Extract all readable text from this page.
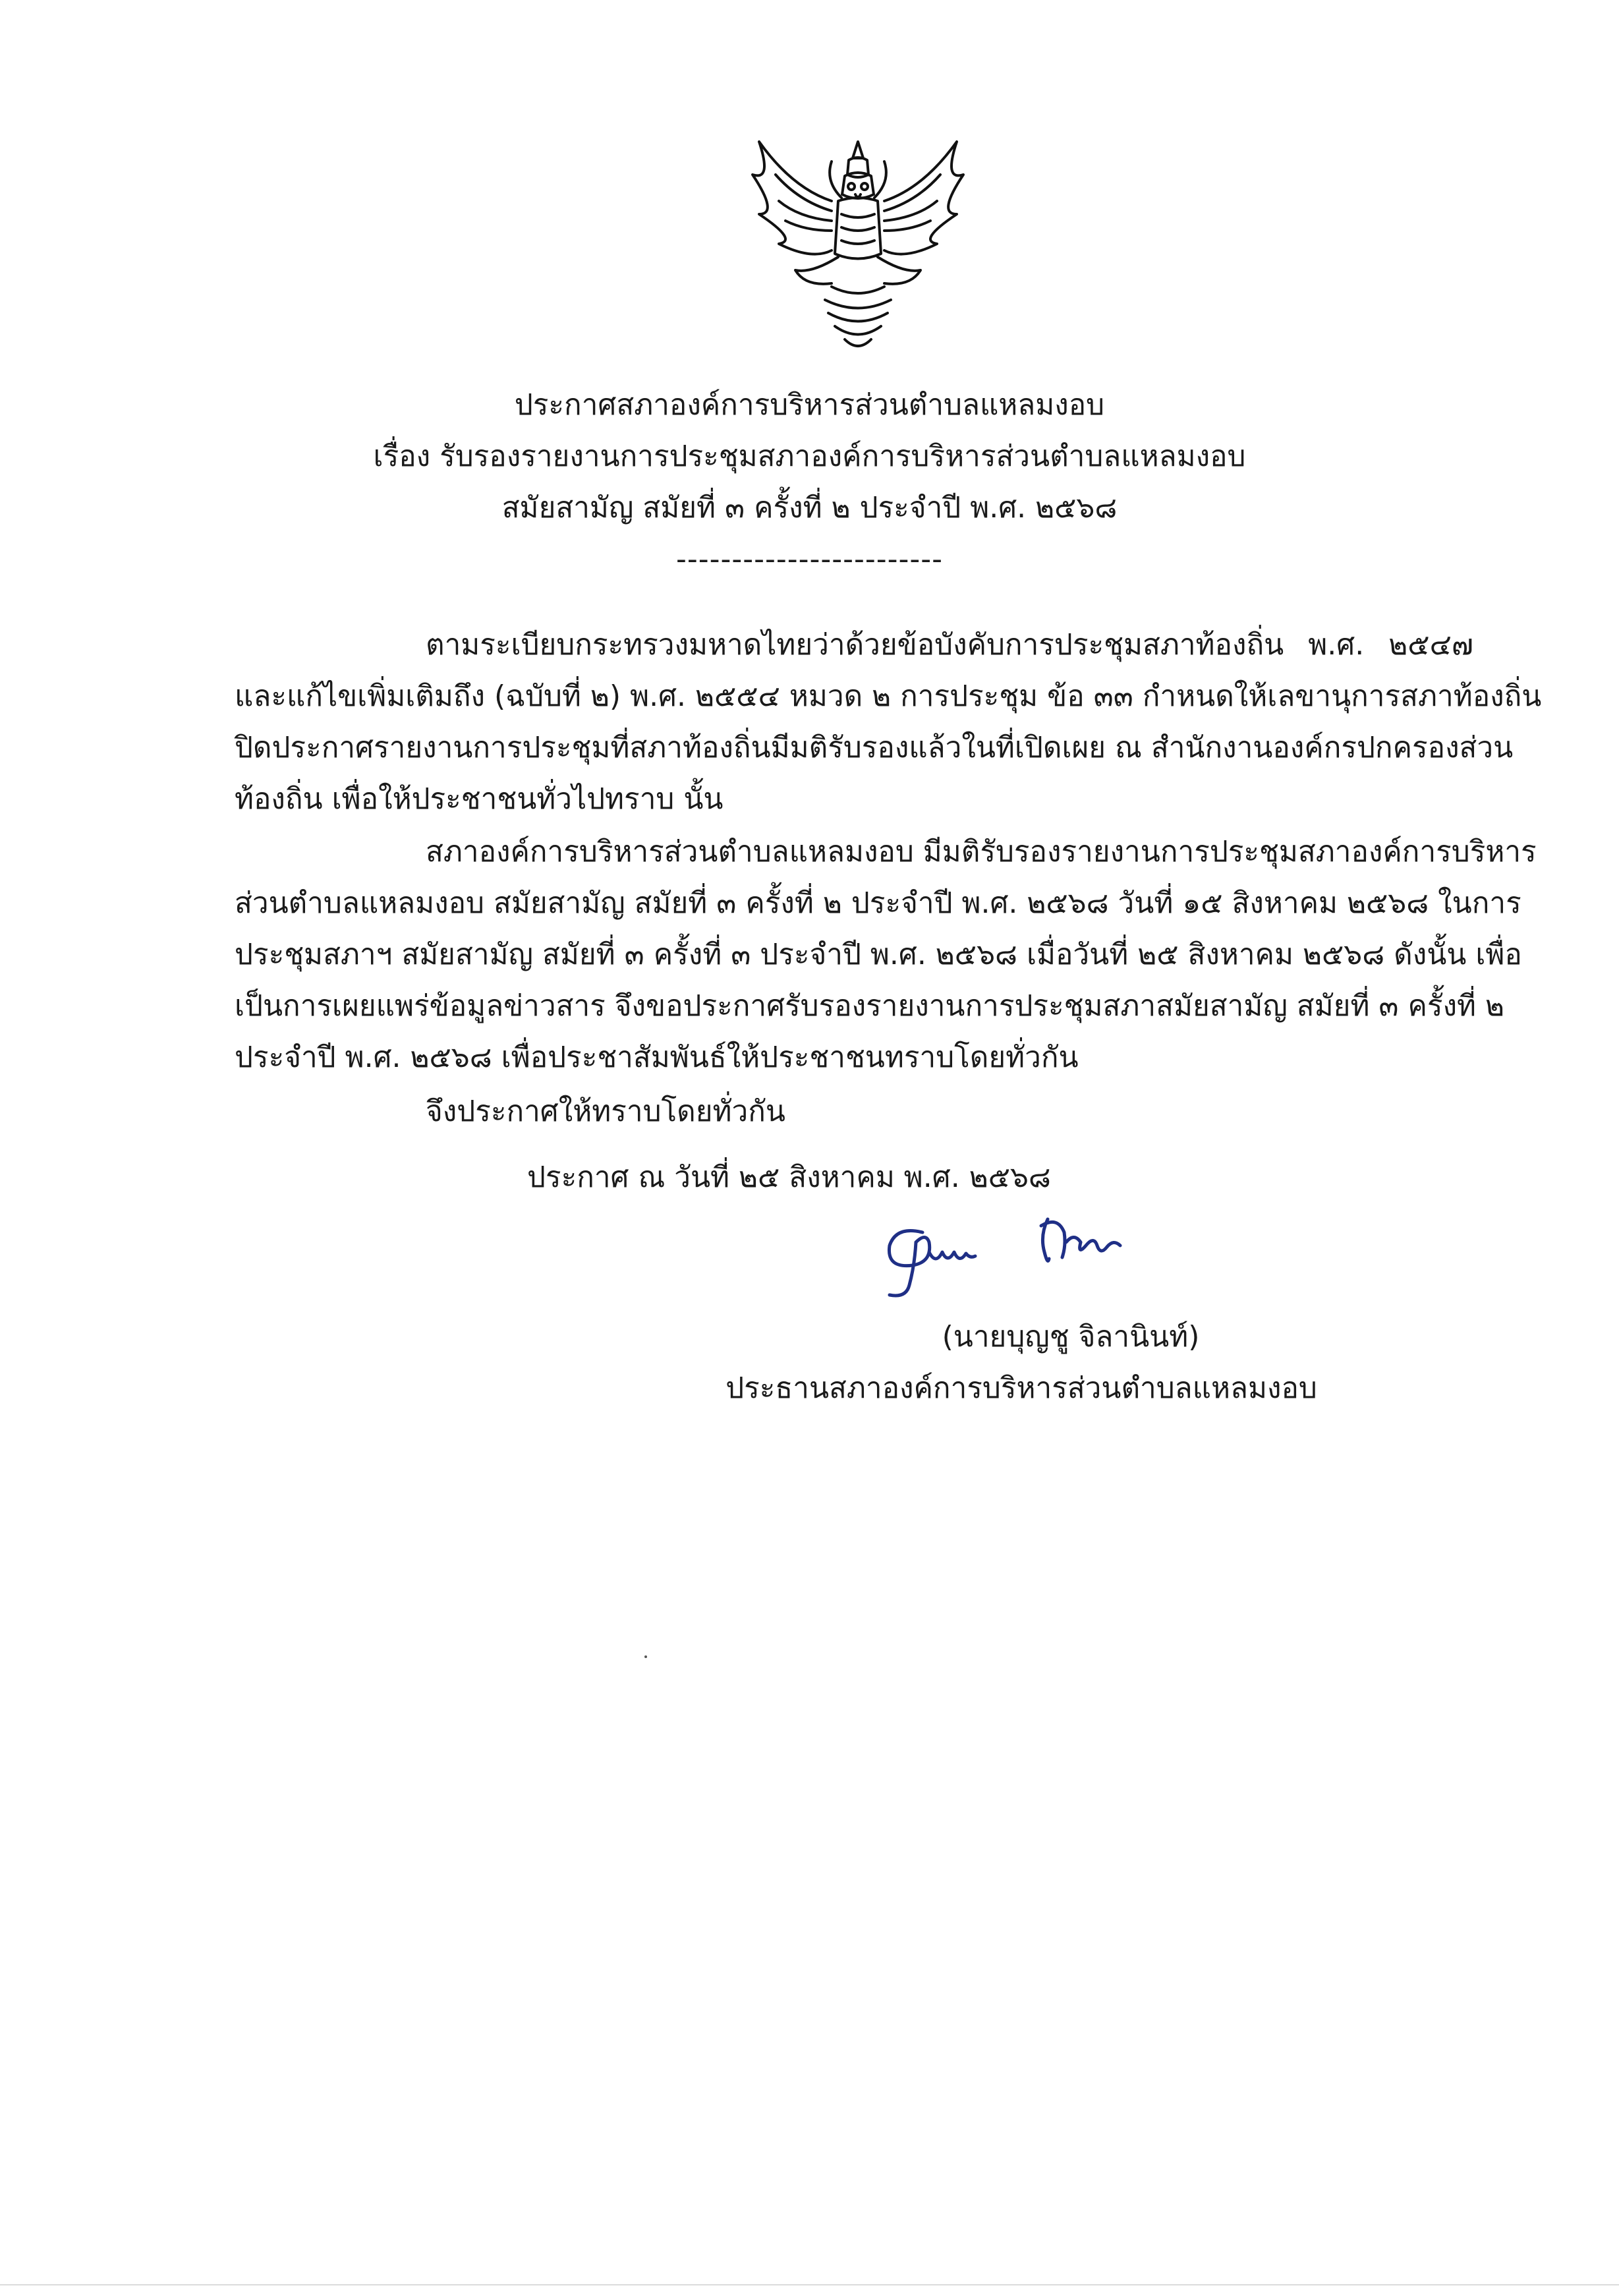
ประกาศสภาองค์การบริหารส่วนตำบลแหลมงอบ
เรื่อง รับรองรายงานการประชุมสภาองค์การบริหารส่วนตำบลแหลมงอบ
สมัยสามัญ สมัยที่ ๓ ครั้งที่ ๒ ประจำปี พ.ศ. ๒๕๖๘
------------------------
ตามระเบียบกระทรวงมหาดไทยว่าด้วยข้อบังคับการประชุมสภาท้องถิ่น พ.ศ. ๒๕๔๗
และแก้ไขเพิ่มเติมถึง (ฉบับที่ ๒) พ.ศ. ๒๕๕๔ หมวด ๒ การประชุม ข้อ ๓๓ กำหนดให้เลขานุการสภาท้องถิ่น
ปิดประกาศรายงานการประชุมที่สภาท้องถิ่นมีมติรับรองแล้วในที่เปิดเผย ณ สำนักงานองค์กรปกครองส่วน
ท้องถิ่น เพื่อให้ประชาชนทั่วไปทราบ นั้น
สภาองค์การบริหารส่วนตำบลแหลมงอบ มีมติรับรองรายงานการประชุมสภาองค์การบริหาร
ส่วนตำบลแหลมงอบ สมัยสามัญ สมัยที่ ๓ ครั้งที่ ๒ ประจำปี พ.ศ. ๒๕๖๘ วันที่ ๑๕ สิงหาคม ๒๕๖๘ ในการ
ประชุมสภาฯ สมัยสามัญ สมัยที่ ๓ ครั้งที่ ๓ ประจำปี พ.ศ. ๒๕๖๘ เมื่อวันที่ ๒๕ สิงหาคม ๒๕๖๘ ดังนั้น เพื่อ
เป็นการเผยแพร่ข้อมูลข่าวสาร จึงขอประกาศรับรองรายงานการประชุมสภาสมัยสามัญ สมัยที่ ๓ ครั้งที่ ๒
ประจำปี พ.ศ. ๒๕๖๘ เพื่อประชาสัมพันธ์ให้ประชาชนทราบโดยทั่วกัน
จึงประกาศให้ทราบโดยทั่วกัน
ประกาศ ณ วันที่ ๒๕ สิงหาคม พ.ศ. ๒๕๖๘
(นายบุญชู จิลานินท์)
ประธานสภาองค์การบริหารส่วนตำบลแหลมงอบ
